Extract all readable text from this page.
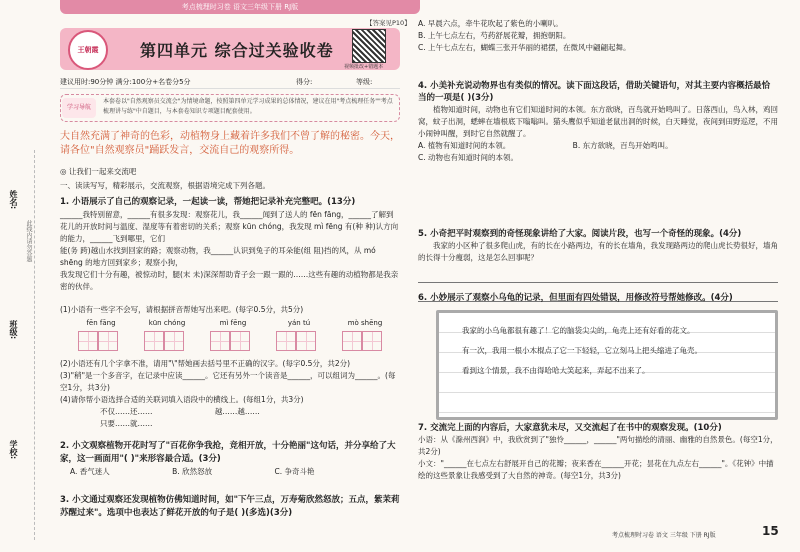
姓名:
此线内请勿答题
班级:
学校:
考点梳理时习卷 语文三年级下册 RJ版
【答案见P10】
王朝霞	第四单元 综合过关验收卷
视频批改+错题本
建议用时:90分钟 满分:100分+名卷分5分	得分:	等级:
本套卷以"自然观察员交流会"为情境命题，按照第四单元学习成果的总体情况，建议在用"考点梳理任务""考点梳理讲与练"中自题目，与本套卷知识专项题目配套使用。
学习导航
大自然充满了神奇的色彩，动植物身上藏着许多我们不曾了解的秘密。今天，请各位"自然观察员"踊跃发言，交流自己的观察所得。
◎ 让我们一起来交流吧
一、读读写写，精彩展示，交流观察，根据语境完成下列各题。
1. 小语展示了自己的观察记录，一起读一读，帮她把记录补充完整吧。(13分)
______我特别留意，______有很多发现：观察花儿，我______闻到了送人的 fēn fāng，______了解到花儿的开放时间与温度、湿度等有着密切的关系；观察 kūn chóng，我发现 mì fēng 有(种 种)认方向的能力，______飞到哪里，它们
能(务 跨)越山水找到回家的路；观察动物，我______认识到兔子的耳朵能(组 阻)挡的风，从 mó shēng 的地方回到家乡；观察小狗，
我发现它们十分有趣，被惊动时，腿(末 未)深深帮助背子会一跟一跟的……这些有趣的动植物都是我亲密的伙伴。
(1)小语有一些字不会写，请根据拼音帮她写出来吧。(每字0.5分，共5分)
fēn fāng	kūn chóng	mì fēng	yán tú	mò shēng
(2)小语还有几个字拿不准，请用"\"帮她画去括号里不正确的汉字。(每字0.5分，共2分)
(3)"稍"是一个多音字，在记录中应读______。它还有另外一个读音是______，可以组词为______。(每空1分，共3分)
(4)请你帮小语选择合适的关联词填入语段中的横线上。(每组1分，共3分)
不仅……还……	越……越…… 只要……就……
2. 小文观察植物开花时写了"百花你争我抢，竞相开放，十分艳丽"这句话，并分享给了大家，这一画面用"( )"来形容最合适。(3分)
A. 香气迷人	B. 欣然怒放	C. 争奇斗艳
3. 小文通过观察还发现植物仿佛知道时间，如"下午三点，万寿菊欣然怒放；五点，紫茉莉苏醒过来"。选项中也表达了鲜花开放的句子是( )(多选)(3分)
A. 早晨六点，牵牛花吹起了紫色的小喇叭。
B. 上午七点左右，芍药舒展花瓣，拥抱朝阳。
C. 上午七点左右，蝴蝶三张开华丽的裙摆，在微风中翩翩起舞。
4. 小美补充说动物界也有类似的情况。读下面这段话，借助关键语句，对其主要内容概括最恰当的一项是( )(3分)
植物知道时间，动物也有它们知道时间的本领。东方欲晓，百鸟就开始鸣叫了。日落西山，鸟入林，鸡回窝，蚊子出洞，蟋蟀在墙根底下嗡嗡叫。猫头鹰似乎知道老鼠出洞的时候，白天睡觉，夜间到田野巡逻，不用小闹钟叫醒，到时它自然就醒了。
A. 植物有知道时间的本领。	B. 东方欲晓，百鸟开始鸣叫。
C. 动物也有知道时间的本领。
5. 小奇把平时观察到的奇怪现象讲给了大家。阅读片段，也写一个奇怪的现象。(4分)
我家的小区种了很多爬山虎，有的长在小路两边，有的长在墙角，我发现路两边的爬山虎长势很好，墙角的长得十分瘦弱，这是怎么回事呢？
6. 小妙展示了观察小乌龟的记录，但里面有四处错误，用修改符号帮她修改。(4分)

我家的小乌龟都很有趣了！它的脑袋尖尖的，龟壳上还有好看的花文。

有一次，我用一根小木棍点了它一下轻轻，它立刻马上把头缩进了龟壳。

看到这个情景，我不由得哈哈大笑起来，弄起不出来了。

7. 交流完上面的内容后，大家意犹未尽，又交流起了在书中的观察发现。(10分)
小语：从《滁州西涧》中，我欣赏到了"独怜______，______"两句描绘的清丽、幽雅的自然景色。(每空1分，共2分)
小文："______在七点左右舒展开自己的花瓣；夜来香在______开花；昙花在九点左右______"。《花钟》中描绘的这些景象让我感受到了大自然的神奇。(每空1分，共3分)
考点梳理时习卷 语文 三年级 下册 RJ版	15
